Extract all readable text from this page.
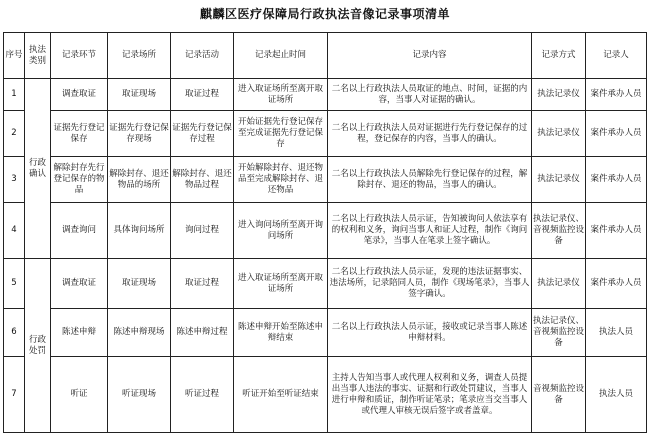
麒麟区医疗保障局行政执法音像记录事项清单
序号	执法类别	记录环节	记录场所	记录活动	记录起止时间	记录内容	记录方式	记录人
1	行政确认	调查取证	取证现场	取证过程	进入取证场所至离开取证场所	二名以上行政执法人员取证的地点、时间，证据的内容，当事人对证据的确认。	执法记录仪	案件承办人员
2		证据先行登记保存	证据先行登记保存现场	证据先行登记保存过程	开始证据先行登记保存至完成证据先行登记保存	二名以上行政执法人员对证据进行先行登记保存的过程，登记保存的内容，当事人的确认。	执法记录仪	案件承办人员
3		解除封存先行登记保存的物品	解除封存、退还物品的场所	解除封存、退还物品过程	开始解除封存、退还物品至完成解除封存、退还物品	二名以上行政执法人员解除先行登记保存的过程，解除封存、退还的物品，当事人的确认。	执法记录仪	案件承办人员
4		调查询问	具体询问场所	询问过程	进入询问场所至离开询问场所	二名以上行政执法人员示证，告知被询问人依法享有的权利和义务，询问当事人和证人过程，制作《询问笔录》，当事人在笔录上签字确认。	执法记录仪、音视频监控设备	案件承办人员
5	行政处罚	调查取证	取证现场	取证过程	进入取证场所至离开取证场所	二名以上行政执法人员示证，发现的违法证据事实、违法场所，记录陪同人员，制作《现场笔录》，当事人签字确认。	执法记录仪	案件承办人员
6		陈述申辩	陈述申辩现场	陈述申辩过程	陈述申辩开始至陈述申辩结束	二名以上行政执法人员示证，接收或记录当事人陈述申辩材料。	执法记录仪、音视频监控设备	执法人员
7		听证	听证现场	听证过程	听证开始至听证结束	主持人告知当事人或代理人权利和义务，调查人员提出当事人违法的事实、证据和行政处罚建议，当事人进行申辩和质证，制作听证笔录；笔录应当交当事人或代理人审核无误后签字或者盖章。	音视频监控设备	执法人员
